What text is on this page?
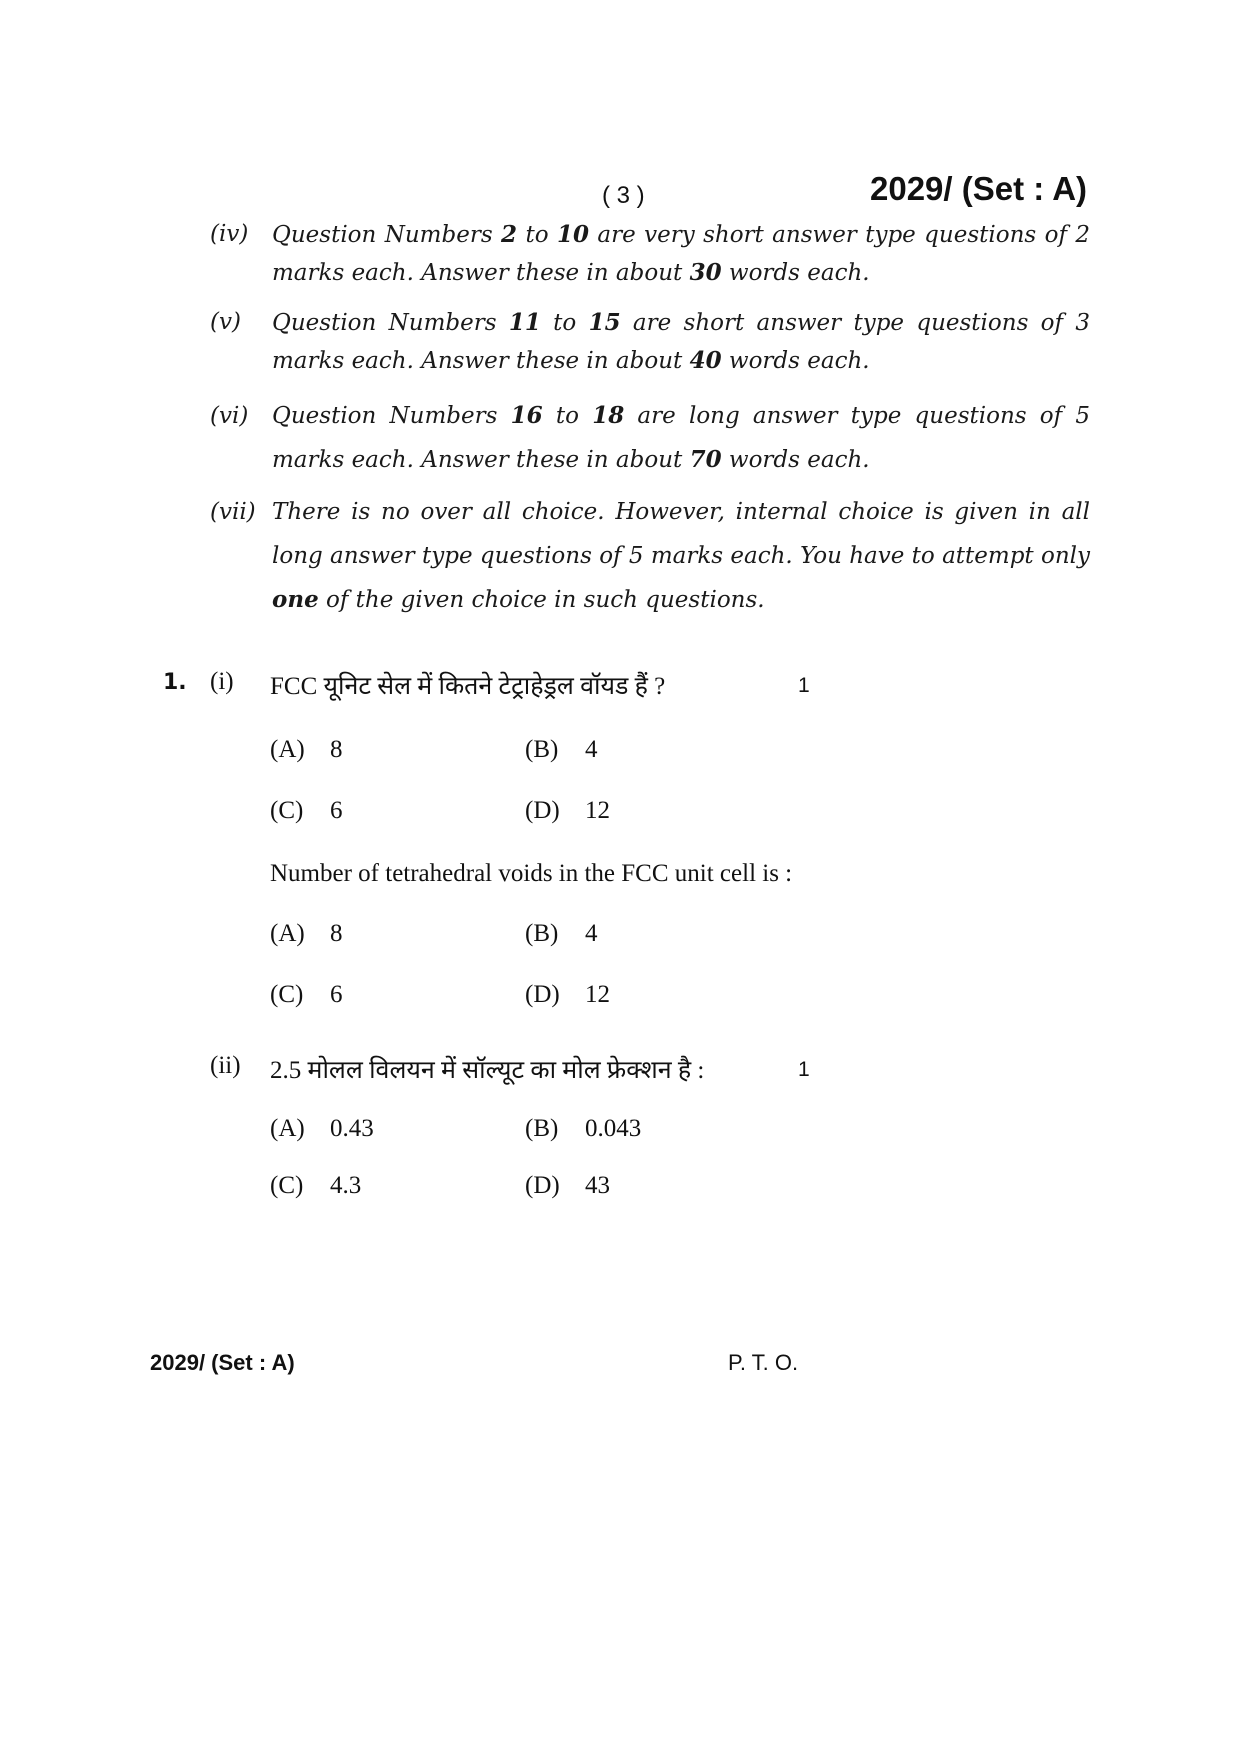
( 3 )	2029/ (Set : A)
(iv) Question Numbers 2 to 10 are very short answer type questions of 2 marks each. Answer these in about 30 words each.
(v) Question Numbers 11 to 15 are short answer type questions of 3 marks each. Answer these in about 40 words each.
(vi) Question Numbers 16 to 18 are long answer type questions of 5 marks each. Answer these in about 70 words each.
(vii) There is no over all choice. However, internal choice is given in all long answer type questions of 5 marks each. You have to attempt only one of the given choice in such questions.
1. (i) FCC यूनिट सेल में कितने टेट्राहेड्रल वॉयड हैं ?	1
(A) 8	(B) 4
(C) 6	(D) 12
Number of tetrahedral voids in the FCC unit cell is :
(A) 8	(B) 4
(C) 6	(D) 12
(ii) 2.5 मोलल विलयन में सॉल्यूट का मोल फ्रेक्शन है :	1
(A) 0.43	(B) 0.043
(C) 4.3	(D) 43
2029/ (Set : A)	P. T. O.
